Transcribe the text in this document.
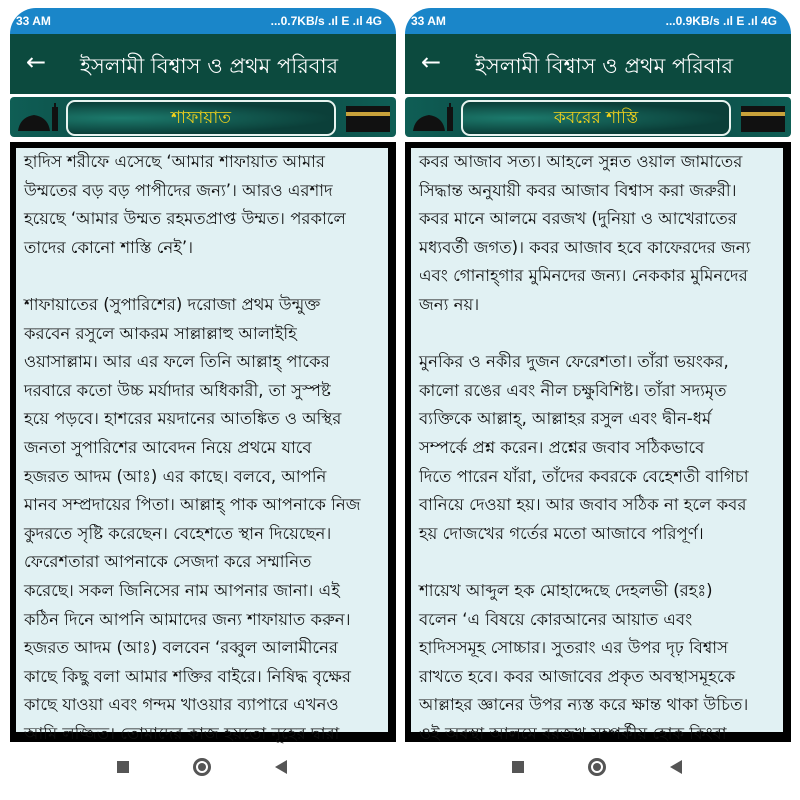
33 AM	...0.7KB/s .ıl E .ıl 4G
← ইসলামী বিশ্বাস ও প্রথম পরিবার
শাফায়াত
হাদিস শরীফে এসেছে ‘আমার শাফায়াত আমার
উম্মতের বড় বড় পাপীদের জন্য’। আরও এরশাদ
হয়েছে ‘আমার উম্মত রহমতপ্রাপ্ত উম্মত। পরকালে
তাদের কোনো শাস্তি নেই’।
শাফায়াতের (সুপারিশের) দরোজা প্রথম উন্মুক্ত
করবেন রসুলে আকরম সাল্লাল্লাহু আলাইহি
ওয়াসাল্লাম। আর এর ফলে তিনি আল্লাহ্ পাকের
দরবারে কতো উচ্চ মর্যাদার অধিকারী, তা সুস্পষ্ট
হয়ে পড়বে। হাশরের ময়দানের আতঙ্কিত ও অস্থির
জনতা সুপারিশের আবেদন নিয়ে প্রথমে যাবে
হজরত আদম (আঃ) এর কাছে। বলবে, আপনি
মানব সম্প্রদায়ের পিতা। আল্লাহ্ পাক আপনাকে নিজ
কুদরতে সৃষ্টি করেছেন। বেহেশতে স্থান দিয়েছেন।
ফেরেশতারা আপনাকে সেজদা করে সম্মানিত
করেছে। সকল জিনিসের নাম আপনার জানা। এই
কঠিন দিনে আপনি আমাদের জন্য শাফায়াত করুন।
হজরত আদম (আঃ) বলবেন ‘রব্বুল আলামীনের
কাছে কিছু বলা আমার শক্তির বাইরে। নিষিদ্ধ বৃক্ষের
কাছে যাওয়া এবং গন্দম খাওয়ার ব্যাপারে এখনও
আমি লজ্জিত। তোমাদের কাজ হয়তো নূহের দ্বারা
33 AM	...0.9KB/s .ıl E .ıl 4G
← ইসলামী বিশ্বাস ও প্রথম পরিবার
কবরের শাস্তি
কবর আজাব সত্য। আহলে সুন্নত ওয়াল জামাতের
সিদ্ধান্ত অনুযায়ী কবর আজাব বিশ্বাস করা জরুরী।
কবর মানে আলমে বরজখ (দুনিয়া ও আখেরাতের
মধ্যবর্তী জগত)। কবর আজাব হবে কাফেরদের জন্য
এবং গোনাহ্গার মুমিনদের জন্য। নেককার মুমিনদের
জন্য নয়।
মুনকির ও নকীর দুজন ফেরেশতা। তাঁরা ভয়ংকর,
কালো রঙের এবং নীল চক্ষুবিশিষ্ট। তাঁরা সদ্যমৃত
ব্যক্তিকে আল্লাহ্, আল্লাহর রসুল এবং দ্বীন-ধর্ম
সম্পর্কে প্রশ্ন করেন। প্রশ্নের জবাব সঠিকভাবে
দিতে পারেন যাঁরা, তাঁদের কবরকে বেহেশতী বাগিচা
বানিয়ে দেওয়া হয়। আর জবাব সঠিক না হলে কবর
হয় দোজখের গর্তের মতো আজাবে পরিপূর্ণ।
শায়েখ আব্দুল হক মোহাদ্দেছে দেহলভী (রহঃ)
বলেন ‘এ বিষয়ে কোরআনের আয়াত এবং
হাদিসসমূহ সোচ্চার। সুতরাং এর উপর দৃঢ় বিশ্বাস
রাখতে হবে। কবর আজাবের প্রকৃত অবস্থাসমূহকে
আল্লাহর জ্ঞানের উপর ন্যস্ত করে ক্ষান্ত থাকা উচিত।
ওই অবস্থা আলমে বরজখ সম্পর্কীয় হোক কিংবা
